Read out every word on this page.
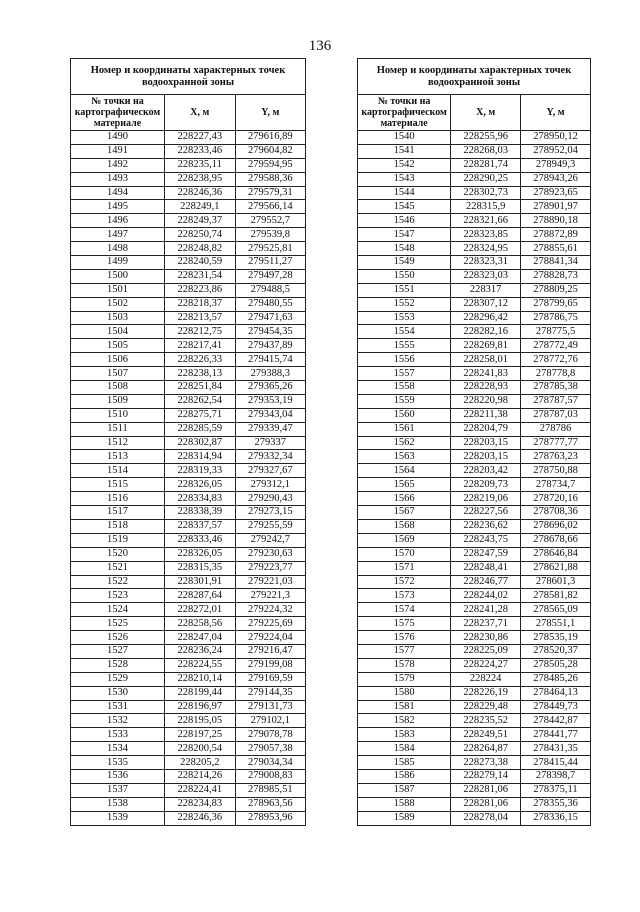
136
Номер и координаты характерных точек водоохранной зоны		
№ точки на картографическом материале	X, м	Y, м
1490	228227,43	279616,89
1491	228233,46	279604,82
1492	228235,11	279594,95
1493	228238,95	279588,36
1494	228246,36	279579,31
1495	228249,1	279566,14
1496	228249,37	279552,7
1497	228250,74	279539,8
1498	228248,82	279525,81
1499	228240,59	279511,27
1500	228231,54	279497,28
1501	228223,86	279488,5
1502	228218,37	279480,55
1503	228213,57	279471,63
1504	228212,75	279454,35
1505	228217,41	279437,89
1506	228226,33	279415,74
1507	228238,13	279388,3
1508	228251,84	279365,26
1509	228262,54	279353,19
1510	228275,71	279343,04
1511	228285,59	279339,47
1512	228302,87	279337
1513	228314,94	279332,34
1514	228319,33	279327,67
1515	228326,05	279312,1
1516	228334,83	279290,43
1517	228338,39	279273,15
1518	228337,57	279255,59
1519	228333,46	279242,7
1520	228326,05	279230,63
1521	228315,35	279223,77
1522	228301,91	279221,03
1523	228287,64	279221,3
1524	228272,01	279224,32
1525	228258,56	279225,69
1526	228247,04	279224,04
1527	228236,24	279216,47
1528	228224,55	279199,08
1529	228210,14	279169,59
1530	228199,44	279144,35
1531	228196,97	279131,73
1532	228195,05	279102,1
1533	228197,25	279078,78
1534	228200,54	279057,38
1535	228205,2	279034,34
1536	228214,26	279008,83
1537	228224,41	278985,51
1538	228234,83	278963,56
1539	228246,36	278953,96
Номер и координаты характерных точек водоохранной зоны		
№ точки на картографическом материале	X, м	Y, м
1540	228255,96	278950,12
1541	228268,03	278952,04
1542	228281,74	278949,3
1543	228290,25	278943,26
1544	228302,73	278923,65
1545	228315,9	278901,97
1546	228321,66	278890,18
1547	228323,85	278872,89
1548	228324,95	278855,61
1549	228323,31	278841,34
1550	228323,03	278828,73
1551	228317	278809,25
1552	228307,12	278799,65
1553	228296,42	278786,75
1554	228282,16	278775,5
1555	228269,81	278772,49
1556	228258,01	278772,76
1557	228241,83	278778,8
1558	228228,93	278785,38
1559	228220,98	278787,57
1560	228211,38	278787,03
1561	228204,79	278786
1562	228203,15	278777,77
1563	228203,15	278763,23
1564	228203,42	278750,88
1565	228209,73	278734,7
1566	228219,06	278720,16
1567	228227,56	278708,36
1568	228236,62	278696,02
1569	228243,75	278678,66
1570	228247,59	278646,84
1571	228248,41	278621,88
1572	228246,77	278601,3
1573	228244,02	278581,82
1574	228241,28	278565,09
1575	228237,71	278551,1
1576	228230,86	278535,19
1577	228225,09	278520,37
1578	228224,27	278505,28
1579	228224	278485,26
1580	228226,19	278464,13
1581	228229,48	278449,73
1582	228235,52	278442,87
1583	228249,51	278441,77
1584	228264,87	278431,35
1585	228273,38	278415,44
1586	228279,14	278398,7
1587	228281,06	278375,11
1588	228281,06	278355,36
1589	228278,04	278336,15
